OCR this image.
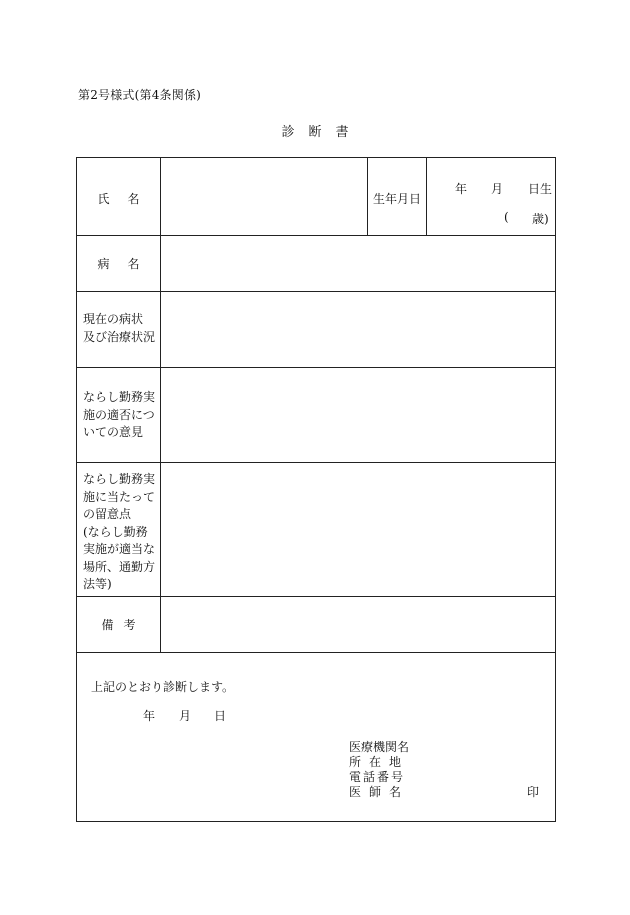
第2号様式(第4条関係)
診断書
氏名	生年月日
年 月 日生
( 歳)
病名
現在の病状
及び治療状況
ならし勤務実
施の適否につ
いての意見
ならし勤務実
施に当たって
の留意点
(ならし勤務
実施が適当な
場所、通勤方
法等)
備考
上記のとおり診断します。
年 月 日
医療機関名
所在地
電話番号
医師名	印
